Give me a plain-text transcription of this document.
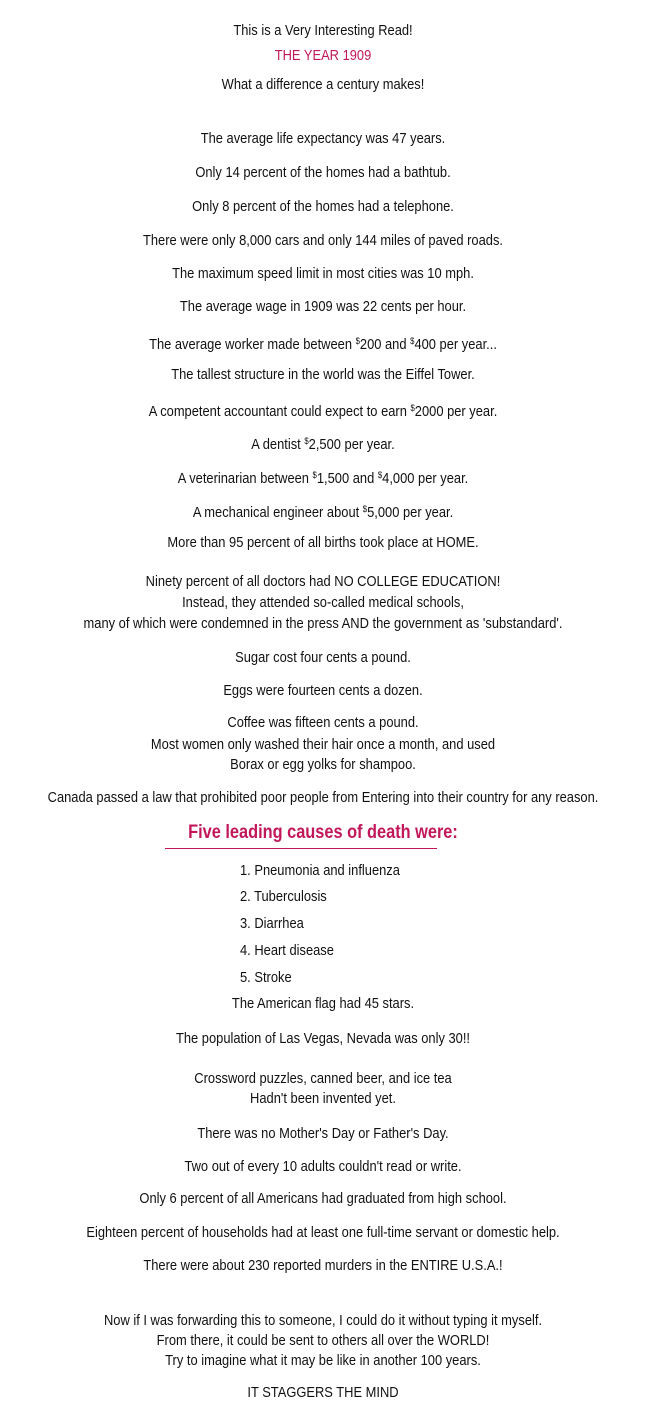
This is a Very Interesting Read!
THE YEAR 1909
What a difference a century makes!
The average life expectancy was 47 years.
Only 14 percent of the homes had a bathtub.
Only 8 percent of the homes had a telephone.
There were only 8,000 cars and only 144 miles of paved roads.
The maximum speed limit in most cities was 10 mph.
The average wage in 1909 was 22 cents per hour.
The average worker made between $200 and $400 per year...
The tallest structure in the world was the Eiffel Tower.
A competent accountant could expect to earn $2000 per year.
A dentist $2,500 per year.
A veterinarian between $1,500 and $4,000 per year.
A mechanical engineer about $5,000 per year.
More than 95 percent of all births took place at HOME.
Ninety percent of all doctors had NO COLLEGE EDUCATION!
Instead, they attended so-called medical schools,
many of which were condemned in the press AND the government as 'substandard'.
Sugar cost four cents a pound.
Eggs were fourteen cents a dozen.
Coffee was fifteen cents a pound.
Most women only washed their hair once a month, and used
Borax or egg yolks for shampoo.
Canada passed a law that prohibited poor people from Entering into their country for any reason.
Five leading causes of death were:
1. Pneumonia and influenza
2. Tuberculosis
3. Diarrhea
4. Heart disease
5. Stroke
The American flag had 45 stars.
The population of Las Vegas, Nevada was only 30!!
Crossword puzzles, canned beer, and ice tea
Hadn't been invented yet.
There was no Mother's Day or Father's Day.
Two out of every 10 adults couldn't read or write.
Only 6 percent of all Americans had graduated from high school.
Eighteen percent of households had at least one full-time servant or domestic help.
There were about 230 reported murders in the ENTIRE U.S.A.!
Now if I was forwarding this to someone, I could do it without typing it myself.
From there, it could be sent to others all over the WORLD!
Try to imagine what it may be like in another 100 years.
IT STAGGERS THE MIND
